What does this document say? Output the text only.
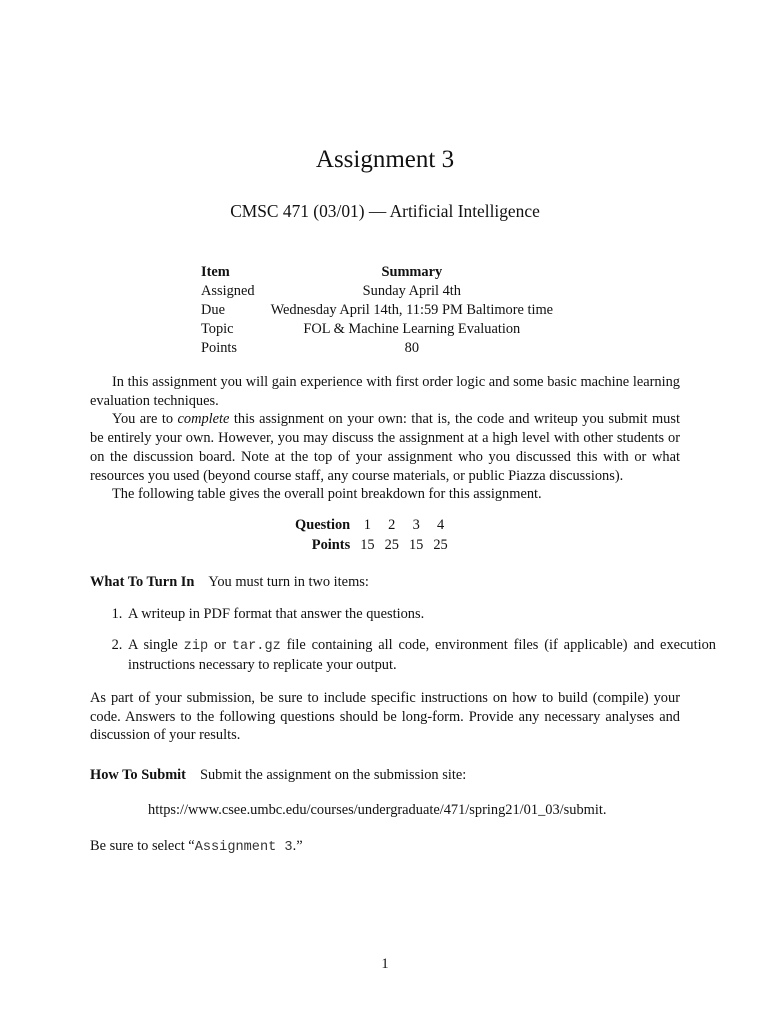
Assignment 3
CMSC 471 (03/01) — Artificial Intelligence
Item	Summary
Assigned	Sunday April 4th
Due	Wednesday April 14th, 11:59 PM Baltimore time
Topic	FOL & Machine Learning Evaluation
Points	80

In this assignment you will gain experience with first order logic and some basic machine learning evaluation techniques.

You are to complete this assignment on your own: that is, the code and writeup you submit must be entirely your own. However, you may discuss the assignment at a high level with other students or on the discussion board. Note at the top of your assignment who you discussed this with or what resources you used (beyond course staff, any course materials, or public Piazza discussions).

The following table gives the overall point breakdown for this assignment.

Question	1	2	3	4
Points	15	25	15	25
What To Turn In You must turn in two items:
1. A writeup in PDF format that answer the questions.
2. A single zip or tar.gz file containing all code, environment files (if applicable) and execution instructions necessary to replicate your output.
As part of your submission, be sure to include specific instructions on how to build (compile) your code. Answers to the following questions should be long-form. Provide any necessary analyses and discussion of your results.
How To Submit Submit the assignment on the submission site:
https://www.csee.umbc.edu/courses/undergraduate/471/spring21/01_03/submit.
Be sure to select “Assignment 3.”
1
